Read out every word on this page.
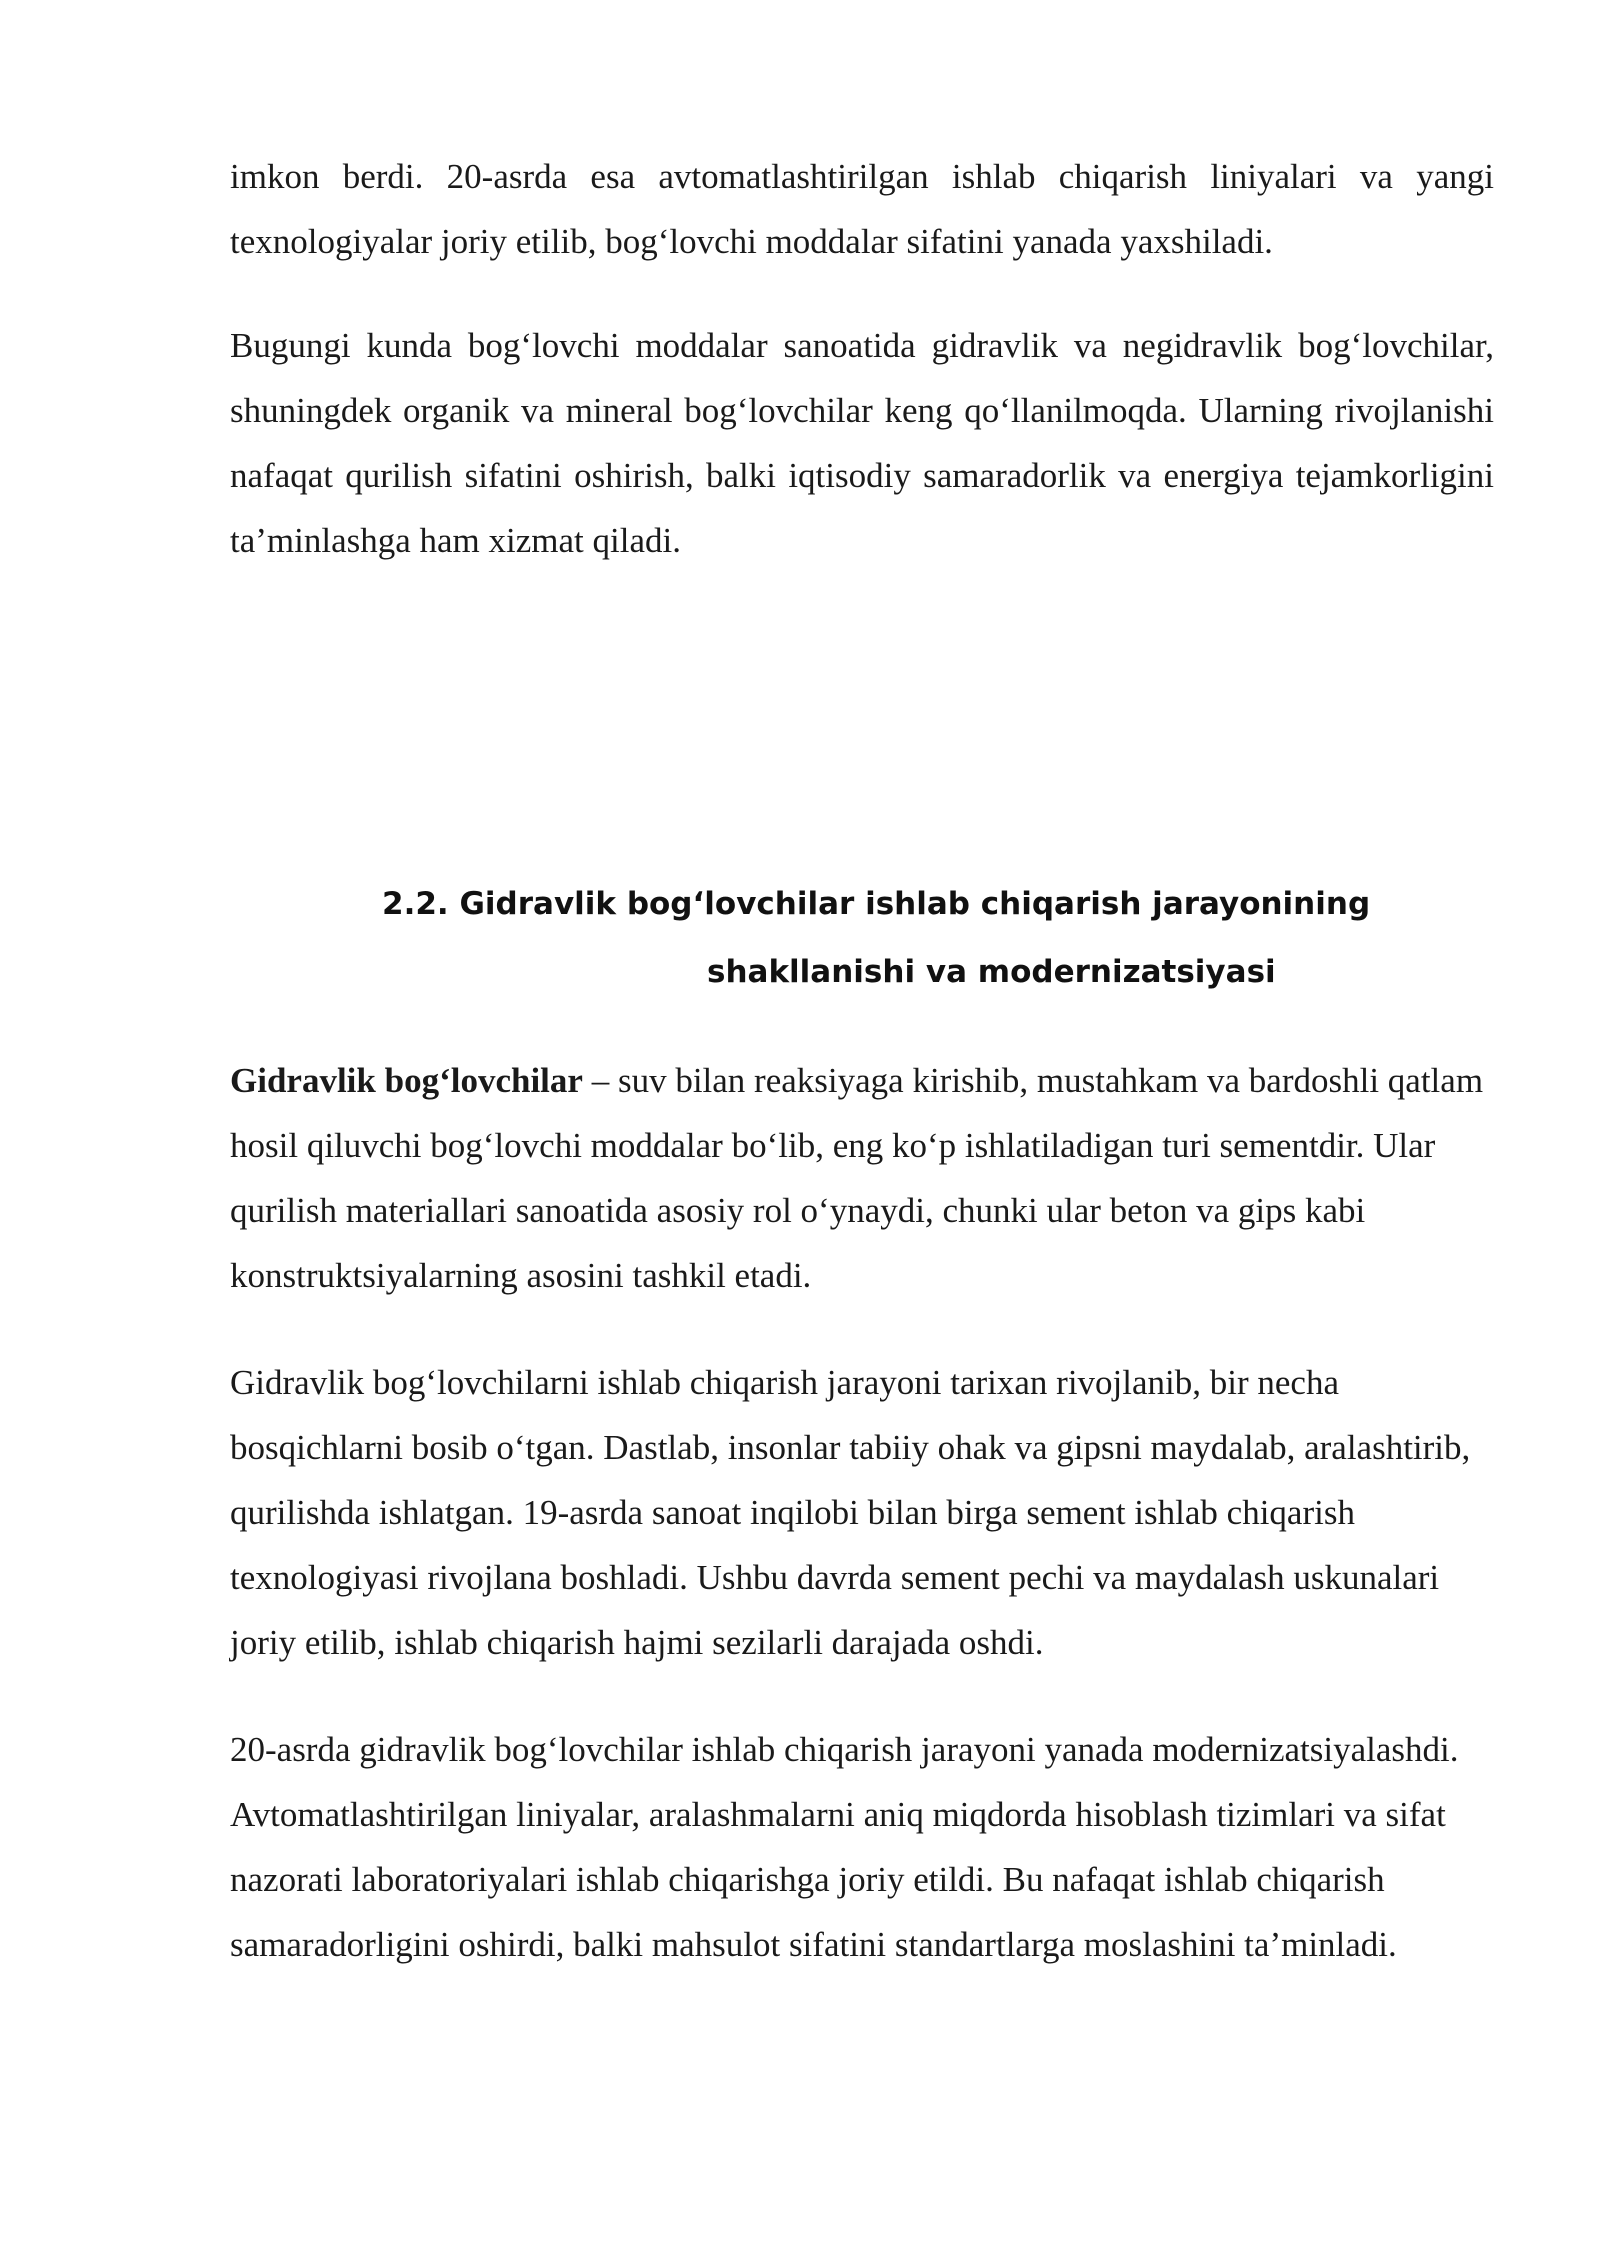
imkon berdi. 20-asrda esa avtomatlashtirilgan ishlab chiqarish liniyalari va yangi texnologiyalar joriy etilib, bog‘lovchi moddalar sifatini yanada yaxshiladi.

Bugungi kunda bog‘lovchi moddalar sanoatida gidravlik va negidravlik bog‘lovchilar, shuningdek organik va mineral bog‘lovchilar keng qo‘llanilmoqda. Ularning rivojlanishi nafaqat qurilish sifatini oshirish, balki iqtisodiy samaradorlik va energiya tejamkorligini ta’minlashga ham xizmat qiladi.

2.2. Gidravlik bog‘lovchilar ishlab chiqarish jarayonining
shakllanishi va modernizatsiyasi

Gidravlik bog‘lovchilar – suv bilan reaksiyaga kirishib, mustahkam va bardoshli qatlam hosil qiluvchi bog‘lovchi moddalar bo‘lib, eng ko‘p ishlatiladigan turi sementdir. Ular qurilish materiallari sanoatida asosiy rol o‘ynaydi, chunki ular beton va gips kabi konstruktsiyalarning asosini tashkil etadi.

Gidravlik bog‘lovchilarni ishlab chiqarish jarayoni tarixan rivojlanib, bir necha bosqichlarni bosib o‘tgan. Dastlab, insonlar tabiiy ohak va gipsni maydalab, aralashtirib, qurilishda ishlatgan. 19-asrda sanoat inqilobi bilan birga sement ishlab chiqarish texnologiyasi rivojlana boshladi. Ushbu davrda sement pechi va maydalash uskunalari joriy etilib, ishlab chiqarish hajmi sezilarli darajada oshdi.

20-asrda gidravlik bog‘lovchilar ishlab chiqarish jarayoni yanada modernizatsiyalashdi. Avtomatlashtirilgan liniyalar, aralashmalarni aniq miqdorda hisoblash tizimlari va sifat nazorati laboratoriyalari ishlab chiqarishga joriy etildi. Bu nafaqat ishlab chiqarish samaradorligini oshirdi, balki mahsulot sifatini standartlarga moslashini ta’minladi.
